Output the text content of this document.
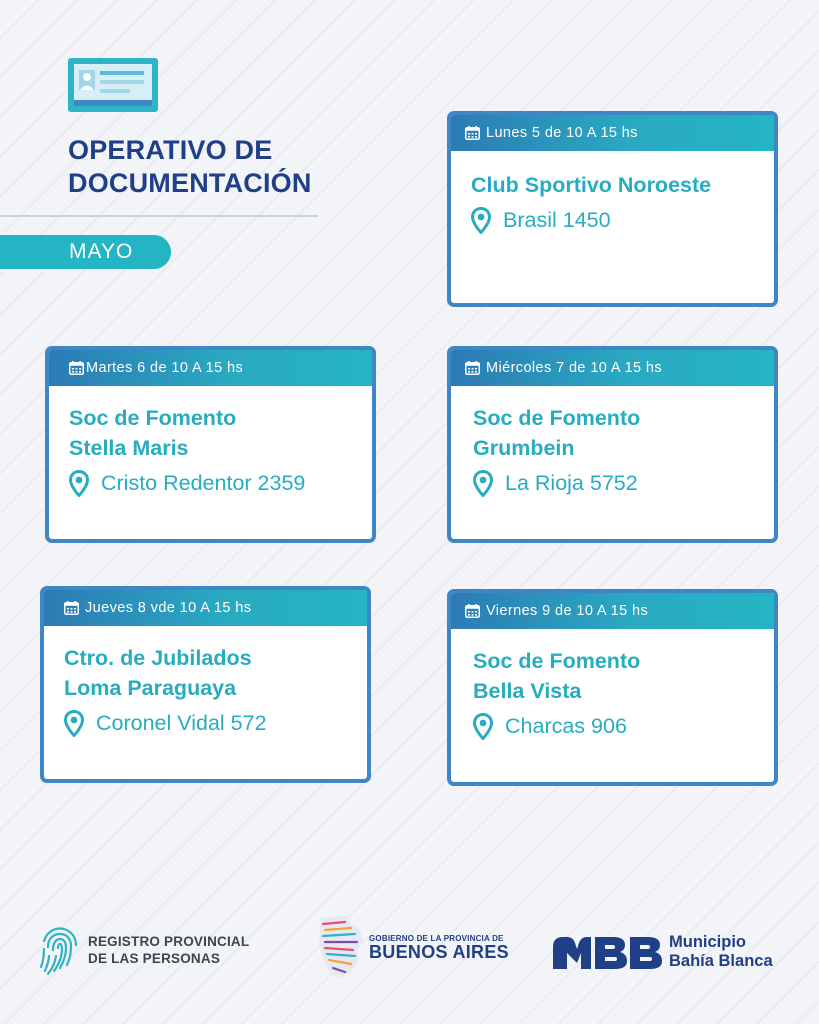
OPERATIVO DE
DOCUMENTACIÓN
MAYO
Lunes 5 de 10 A 15 hs
Club Sportivo Noroeste
Brasil 1450
Martes 6 de 10 A 15 hs
Soc de Fomento
Stella Maris
Cristo Redentor 2359
Miércoles 7 de 10 A 15 hs
Soc de Fomento
Grumbein
La Rioja 5752
Jueves 8 vde 10 A 15 hs
Ctro. de Jubilados
Loma Paraguaya
Coronel Vidal 572
Viernes 9 de 10 A 15 hs
Soc de Fomento
Bella Vista
Charcas 906
REGISTRO PROVINCIAL
DE LAS PERSONAS
GOBIERNO DE LA PROVINCIA DE
BUENOS AIRES	Municipio
Bahía Blanca
